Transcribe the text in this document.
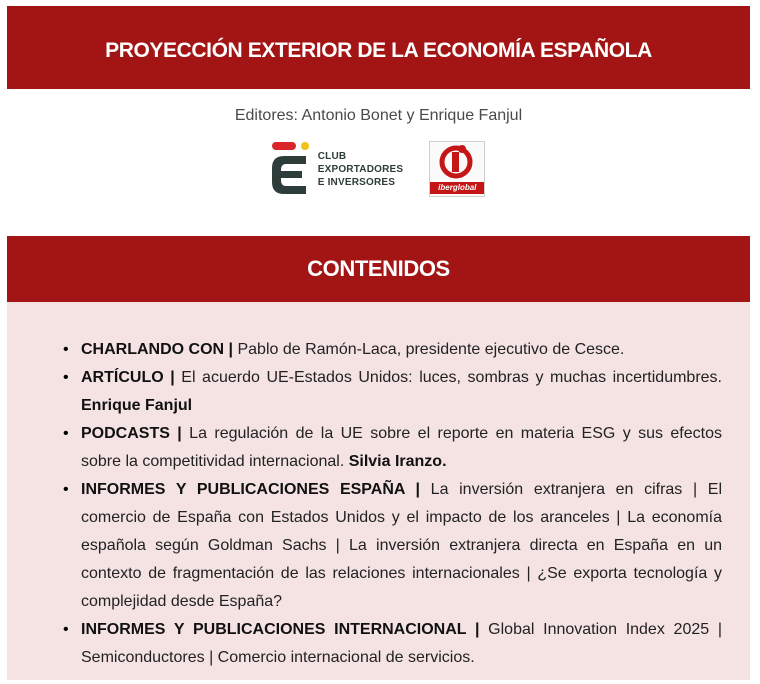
PROYECCIÓN EXTERIOR DE LA ECONOMÍA ESPAÑOLA
Editores: Antonio Bonet y Enrique Fanjul
CLUB
EXPORTADORES
E INVERSORES	iberglobal
CONTENIDOS
• CHARLANDO CON | Pablo de Ramón-Laca, presidente ejecutivo de Cesce.
• ARTÍCULO | El acuerdo UE-Estados Unidos: luces, sombras y muchas incertidumbres. Enrique Fanjul
• PODCASTS | La regulación de la UE sobre el reporte en materia ESG y sus efectos sobre la competitividad internacional. Silvia Iranzo.
• INFORMES Y PUBLICACIONES ESPAÑA | La inversión extranjera en cifras | El comercio de España con Estados Unidos y el impacto de los aranceles | La economía española según Goldman Sachs | La inversión extranjera directa en España en un contexto de fragmentación de las relaciones internacionales | ¿Se exporta tecnología y complejidad desde España?
• INFORMES Y PUBLICACIONES INTERNACIONAL | Global Innovation Index 2025 | Semiconductores | Comercio internacional de servicios.
